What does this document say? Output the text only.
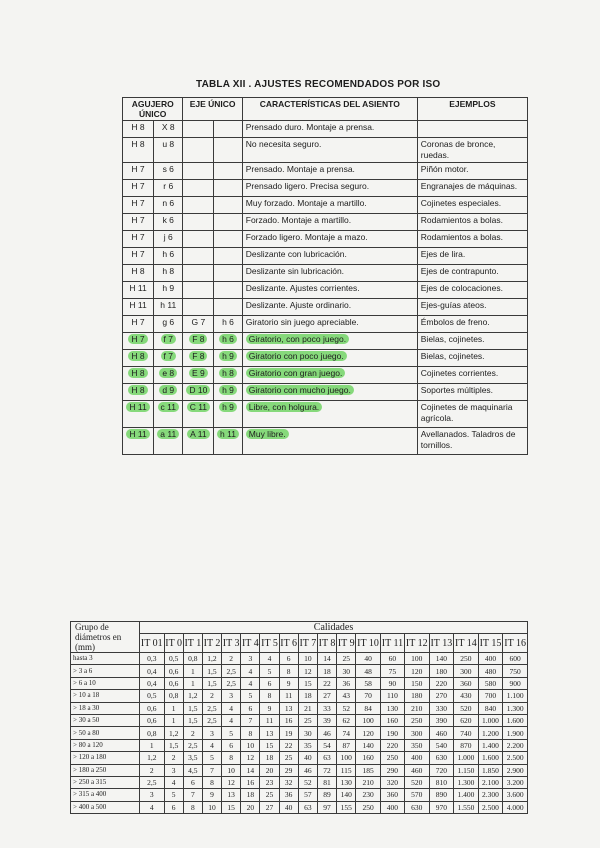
TABLA XII . AJUSTES RECOMENDADOS POR ISO
AGUJERO ÚNICO		EJE ÚNICO		CARACTERÍSTICAS DEL ASIENTO	EJEMPLOS
H 8	X 8			Prensado duro. Montaje a prensa.	
H 8	u 8			No necesita seguro.	Coronas de bronce, ruedas.
H 7	s 6			Prensado. Montaje a prensa.	Piñón motor.
H 7	r 6			Prensado ligero. Precisa seguro.	Engranajes de máquinas.
H 7	n 6			Muy forzado. Montaje a martillo.	Cojinetes especiales.
H 7	k 6			Forzado. Montaje a martillo.	Rodamientos a bolas.
H 7	j 6			Forzado ligero. Montaje a mazo.	Rodamientos a bolas.
H 7	h 6			Deslizante con lubricación.	Ejes de lira.
H 8	h 8			Deslizante sin lubricación.	Ejes de contrapunto.
H 11	h 9			Deslizante. Ajustes corrientes.	Ejes de colocaciones.
H 11	h 11			Deslizante. Ajuste ordinario.	Ejes-guías ateos.
H 7	g 6	G 7	h 6	Giratorio sin juego apreciable.	Émbolos de freno.
H 7	f 7	F 8	h 6	Giratorio, con poco juego.	Bielas, cojinetes.
H 8	f 7	F 8	h 9	Giratorio con poco juego.	Bielas, cojinetes.
H 8	e 8	E 9	h 8	Giratorio con gran juego.	Cojinetes corrientes.
H 8	d 9	D 10	h 9	Giratorio con mucho juego.	Soportes múltiples.
H 11	c 11	C 11	h 9	Libre, con holgura.	Cojinetes de maquinaria agrícola.
H 11	a 11	A 11	h 11	Muy libre.	Avellanados. Taladros de tornillos.
Grupo de diámetros en (mm)	Calidades																	
	IT 01	IT 0	IT 1	IT 2	IT 3	IT 4	IT 5	IT 6	IT 7	IT 8	IT 9	IT 10	IT 11	IT 12	IT 13	IT 14	IT 15	IT 16
hasta 3	0,3	0,5	0,8	1,2	2	3	4	6	10	14	25	40	60	100	140	250	400	600
> 3 a 6	0,4	0,6	1	1,5	2,5	4	5	8	12	18	30	48	75	120	180	300	480	750
> 6 a 10	0,4	0,6	1	1,5	2,5	4	6	9	15	22	36	58	90	150	220	360	580	900
> 10 a 18	0,5	0,8	1,2	2	3	5	8	11	18	27	43	70	110	180	270	430	700	1.100
> 18 a 30	0,6	1	1,5	2,5	4	6	9	13	21	33	52	84	130	210	330	520	840	1.300
> 30 a 50	0,6	1	1,5	2,5	4	7	11	16	25	39	62	100	160	250	390	620	1.000	1.600
> 50 a 80	0,8	1,2	2	3	5	8	13	19	30	46	74	120	190	300	460	740	1.200	1.900
> 80 a 120	1	1,5	2,5	4	6	10	15	22	35	54	87	140	220	350	540	870	1.400	2.200
> 120 a 180	1,2	2	3,5	5	8	12	18	25	40	63	100	160	250	400	630	1.000	1.600	2.500
> 180 a 250	2	3	4,5	7	10	14	20	29	46	72	115	185	290	460	720	1.150	1.850	2.900
> 250 a 315	2,5	4	6	8	12	16	23	32	52	81	130	210	320	520	810	1.300	2.100	3.200
> 315 a 400	3	5	7	9	13	18	25	36	57	89	140	230	360	570	890	1.400	2.300	3.600
> 400 a 500	4	6	8	10	15	20	27	40	63	97	155	250	400	630	970	1.550	2.500	4.000
